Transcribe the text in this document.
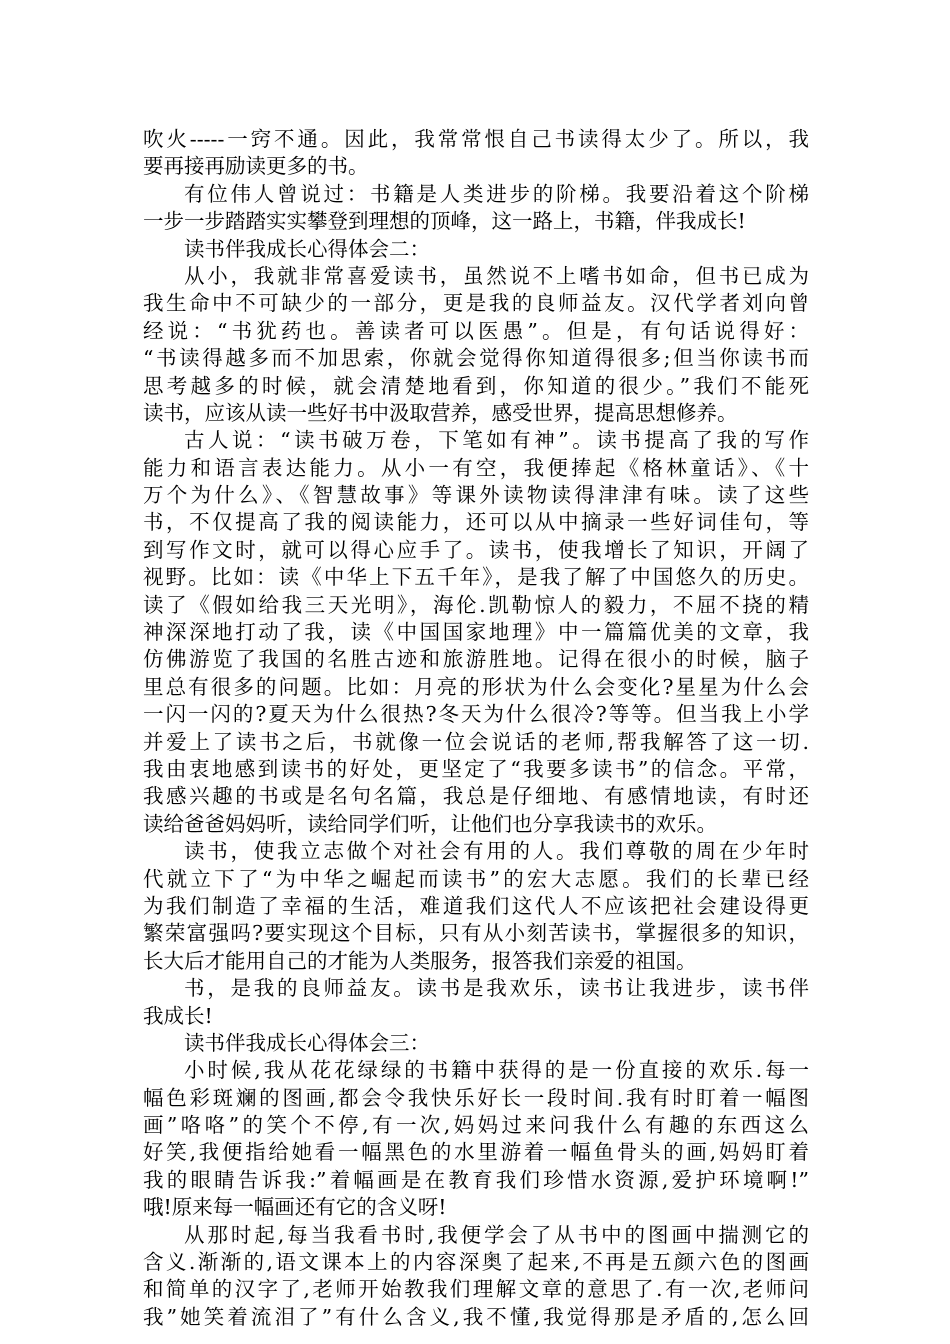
吹火-----一窍不通。因此，我常常恨自己书读得太少了。所以，我
要再接再励读更多的书。
有位伟人曾说过：书籍是人类进步的阶梯。我要沿着这个阶梯
一步一步踏踏实实攀登到理想的顶峰，这一路上，书籍，伴我成长!
读书伴我成长心得体会二：
从小，我就非常喜爱读书，虽然说不上嗜书如命，但书已成为
我生命中不可缺少的一部分，更是我的良师益友。汉代学者刘向曾
经说：“书犹药也。善读者可以医愚”。但是，有句话说得好：
“书读得越多而不加思索，你就会觉得你知道得很多;但当你读书而
思考越多的时候，就会清楚地看到，你知道的很少。”我们不能死
读书，应该从读一些好书中汲取营养，感受世界，提高思想修养。
古人说：“读书破万卷，下笔如有神”。读书提高了我的写作
能力和语言表达能力。从小一有空，我便捧起《格林童话》、《十
万个为什么》、《智慧故事》等课外读物读得津津有味。读了这些
书，不仅提高了我的阅读能力，还可以从中摘录一些好词佳句，等
到写作文时，就可以得心应手了。读书，使我增长了知识，开阔了
视野。比如：读《中华上下五千年》，是我了解了中国悠久的历史。
读了《假如给我三天光明》，海伦.凯勒惊人的毅力，不屈不挠的精
神深深地打动了我，读《中国国家地理》中一篇篇优美的文章，我
仿佛游览了我国的名胜古迹和旅游胜地。记得在很小的时候，脑子
里总有很多的问题。比如：月亮的形状为什么会变化?星星为什么会
一闪一闪的?夏天为什么很热?冬天为什么很冷?等等。但当我上小学
并爱上了读书之后，书就像一位会说话的老师,帮我解答了这一切.
我由衷地感到读书的好处，更坚定了“我要多读书”的信念。平常，
我感兴趣的书或是名句名篇，我总是仔细地、有感情地读，有时还
读给爸爸妈妈听，读给同学们听，让他们也分享我读书的欢乐。
读书，使我立志做个对社会有用的人。我们尊敬的周在少年时
代就立下了“为中华之崛起而读书”的宏大志愿。我们的长辈已经
为我们制造了幸福的生活，难道我们这代人不应该把社会建设得更
繁荣富强吗?要实现这个目标，只有从小刻苦读书，掌握很多的知识，
长大后才能用自己的才能为人类服务，报答我们亲爱的祖国。
书，是我的良师益友。读书是我欢乐，读书让我进步，读书伴
我成长!
读书伴我成长心得体会三：
小时候,我从花花绿绿的书籍中获得的是一份直接的欢乐.每一
幅色彩斑斓的图画,都会令我快乐好长一段时间.我有时盯着一幅图
画”咯咯”的笑个不停,有一次,妈妈过来问我什么有趣的东西这么
好笑,我便指给她看一幅黑色的水里游着一幅鱼骨头的画,妈妈盯着
我的眼睛告诉我:”着幅画是在教育我们珍惜水资源,爱护环境啊!”
哦!原来每一幅画还有它的含义呀!
从那时起,每当我看书时,我便学会了从书中的图画中揣测它的
含义.渐渐的,语文课本上的内容深奥了起来,不再是五颜六色的图画
和简单的汉字了,老师开始教我们理解文章的意思了.有一次,老师问
我”她笑着流泪了”有什么含义,我不懂,我觉得那是矛盾的,怎么回
